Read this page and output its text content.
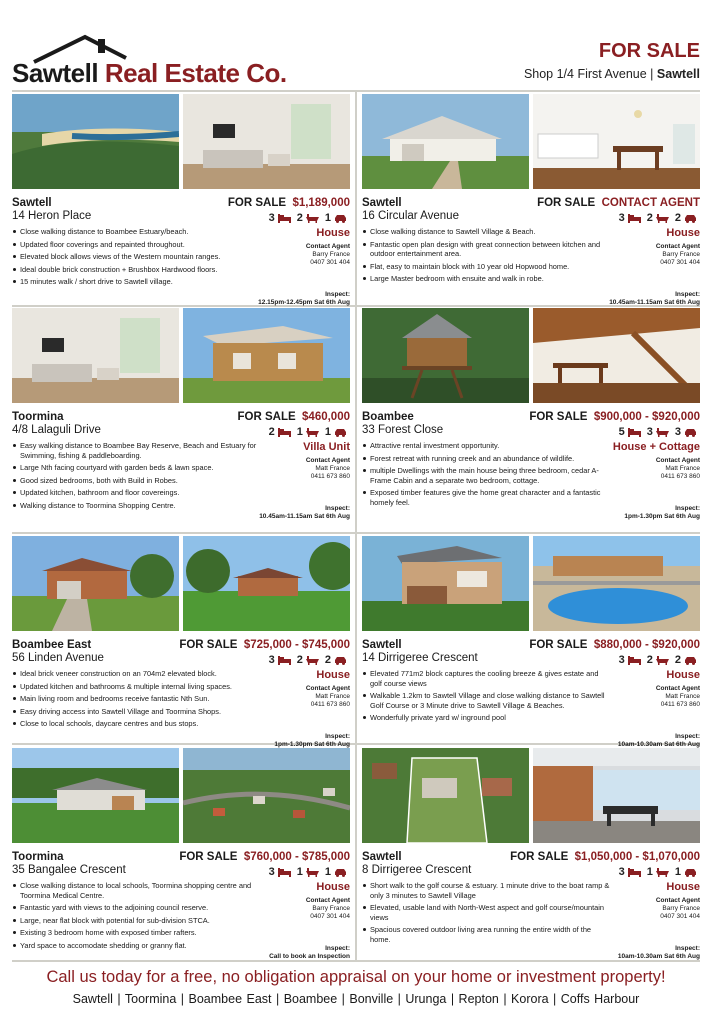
Sawtell Real Estate Co.
FOR SALE
Shop 1/4 First Avenue | Sawtell
Sawtell
14 Heron Place
FOR SALE $1,189,000
3 2 1
House
Close walking distance to Boambee Estuary/beach.
Updated floor coverings and repainted throughout.
Elevated block allows views of the Western mountain ranges.
Ideal double brick construction + Brushbox Hardwood floors.
15 minutes walk / short drive to Sawtell village.
Contact Agent
Barry France
0407 301 404
Inspect:
12.15pm-12.45pm Sat 6th Aug
Sawtell
16 Circular Avenue
FOR SALE CONTACT AGENT
3 2 2
House
Close walking distance to Sawtell Village & Beach.
Fantastic open plan design with great connection between kitchen and outdoor entertainment area.
Flat, easy to maintain block with 10 year old Hopwood home.
Large Master bedroom with ensuite and walk in robe.
Contact Agent
Barry France
0407 301 404
Inspect:
10.45am-11.15am Sat 6th Aug
Toormina
4/8 Lalaguli Drive
FOR SALE $460,000
2 1 1
Villa Unit
Easy walking distance to Boambee Bay Reserve, Beach and Estuary for Swimming, fishing & paddleboarding.
Large Nth facing courtyard with garden beds & lawn space.
Good sized bedrooms, both with Build in Robes.
Updated kitchen, bathroom and floor covereings.
Walking distance to Toormina Shopping Centre.
Contact Agent
Matt France
0411 673 860
Inspect:
10.45am-11.15am Sat 6th Aug
Boambee
33 Forest Close
FOR SALE $900,000 - $920,000
5 3 3
House + Cottage
Attractive rental investment opportunity.
Forest retreat with running creek and an abundance of wildlife.
multiple Dwellings with the main house being three bedroom, cedar A-Frame Cabin and a separate two bedroom, cottage.
Exposed timber features give the home great character and a fantastic homely feel.
Contact Agent
Matt France
0411 673 860
Inspect:
1pm-1.30pm Sat 6th Aug
Boambee East
56 Linden Avenue
FOR SALE $725,000 - $745,000
3 2 2
House
Ideal brick veneer construction on an 704m2 elevated block.
Updated kitchen and bathrooms & multiple internal living spaces.
Main living room and bedrooms receive fantastic Nth Sun.
Easy driving access into Sawtell Village and Toormina Shops.
Close to local schools, daycare centres and bus stops.
Contact Agent
Matt France
0411 673 860
Inspect:
1pm-1.30pm Sat 6th Aug
Sawtell
14 Dirrigeree Crescent
FOR SALE $880,000 - $920,000
3 2 2
House
Elevated 771m2 block captures the cooling breeze & gives estate and golf course views
Walkable 1.2km to Sawtell Village and close walking distance to Sawtell Golf Course or 3 Minute drive to Sawtell Village & Beaches.
Wonderfully private yard w/ inground pool
Contact Agent
Matt France
0411 673 860
Inspect:
10am-10.30am Sat 6th Aug
Toormina
35 Bangalee Crescent
FOR SALE $760,000 - $785,000
3 1 1
House
Close walking distance to local schools, Toormina shopping centre and Toormina Medical Centre.
Fantastic yard with views to the adjoining council reserve.
Large, near flat block with potential for sub-division STCA.
Existing 3 bedroom home with exposed timber rafters.
Yard space to accomodate shedding or granny flat.
Contact Agent
Barry France
0407 301 404
Inspect:
Call to book an Inspection
Sawtell
8 Dirrigeree Crescent
FOR SALE $1,050,000 - $1,070,000
3 1 1
House
Short walk to the golf course & estuary. 1 minute drive to the boat ramp & only 3 minutes to Sawtell Village
Elevated, usable land with North-West aspect and golf course/mountain views
Spacious covered outdoor living area running the entire width of the home.
Contact Agent
Barry France
0407 301 404
Inspect:
10am-10.30am Sat 6th Aug
Call us today for a free, no obligation appraisal on your home or investment property!
Sawtell | Toormina | Boambee East | Boambee | Bonville | Urunga | Repton | Korora | Coffs Harbour
